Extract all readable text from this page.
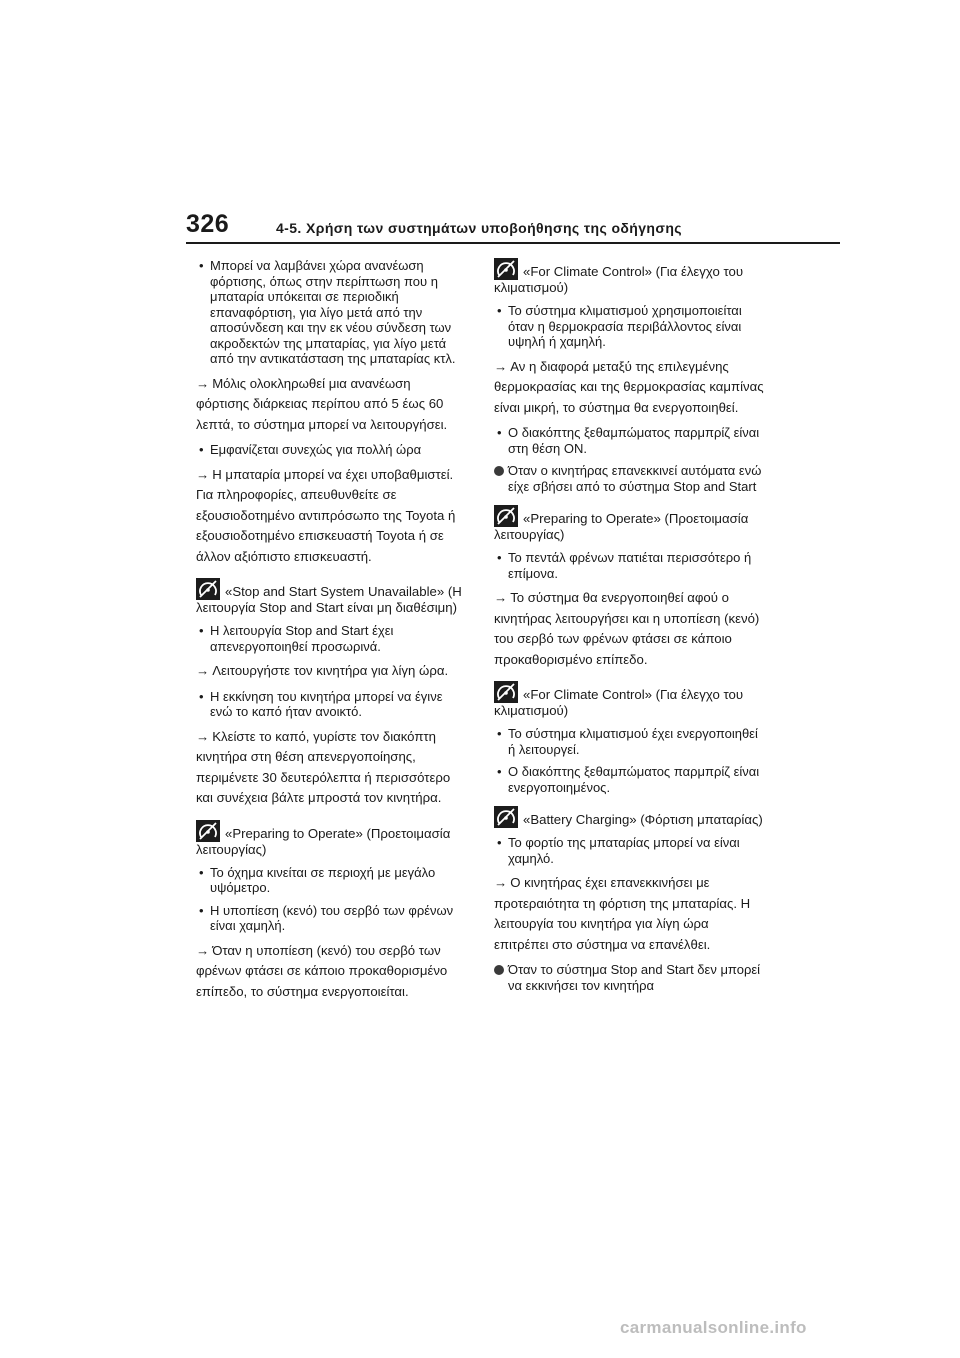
326	4-5. Χρήση των συστημάτων υποβοήθησης της οδήγησης
• Μπορεί να λαμβάνει χώρα ανανέωση φόρτισης, όπως στην περίπτωση που η μπαταρία υπόκειται σε περιοδική επαναφόρτιση, για λίγο μετά από την αποσύνδεση και την εκ νέου σύνδεση των ακροδεκτών της μπαταρίας, για λίγο μετά από την αντικατάσταση της μπαταρίας κτλ.
→ Μόλις ολοκληρωθεί μια ανανέωση φόρτισης διάρκειας περίπου από 5 έως 60 λεπτά, το σύστημα μπορεί να λειτουργήσει.
• Εμφανίζεται συνεχώς για πολλή ώρα
→ Η μπαταρία μπορεί να έχει υποβαθμιστεί. Για πληροφορίες, απευθυνθείτε σε εξουσιοδοτημένο αντιπρόσωπο της Toyota ή εξουσιοδοτημένο επισκευαστή Toyota ή σε άλλον αξιόπιστο επισκευαστή.
«Stop and Start System Unavailable» (Η λειτουργία Stop and Start είναι μη διαθέσιμη)
• Η λειτουργία Stop and Start έχει απενεργοποιηθεί προσωρινά.
→ Λειτουργήστε τον κινητήρα για λίγη ώρα.
• Η εκκίνηση του κινητήρα μπορεί να έγινε ενώ το καπό ήταν ανοικτό.
→ Κλείστε το καπό, γυρίστε τον διακόπτη κινητήρα στη θέση απενεργοποίησης, περιμένετε 30 δευτερόλεπτα ή περισσότερο και συνέχεια βάλτε μπροστά τον κινητήρα.
«Preparing to Operate» (Προετοιμασία λειτουργίας)
• Το όχημα κινείται σε περιοχή με μεγάλο υψόμετρο.
• Η υποπίεση (κενό) του σερβό των φρένων είναι χαμηλή.
→ Όταν η υποπίεση (κενό) του σερβό των φρένων φτάσει σε κάποιο προκαθορισμένο επίπεδο, το σύστημα ενεργοποιείται.
«For Climate Control» (Για έλεγχο του κλιματισμού)
• Το σύστημα κλιματισμού χρησιμοποιείται όταν η θερμοκρασία περιβάλλοντος είναι υψηλή ή χαμηλή.
→ Αν η διαφορά μεταξύ της επιλεγμένης θερμοκρασίας και της θερμοκρασίας καμπίνας είναι μικρή, το σύστημα θα ενεργοποιηθεί.
• Ο διακόπτης ξεθαμπώματος παρμπρίζ είναι στη θέση ON.
Όταν ο κινητήρας επανεκκινεί αυτόματα ενώ είχε σβήσει από το σύστημα Stop and Start
«Preparing to Operate» (Προετοιμασία λειτουργίας)
• Το πεντάλ φρένων πατιέται περισσότερο ή επίμονα.
→ Το σύστημα θα ενεργοποιηθεί αφού ο κινητήρας λειτουργήσει και η υποπίεση (κενό) του σερβό των φρένων φτάσει σε κάποιο προκαθορισμένο επίπεδο.
«For Climate Control» (Για έλεγχο του κλιματισμού)
• Το σύστημα κλιματισμού έχει ενεργοποιηθεί ή λειτουργεί.
• Ο διακόπτης ξεθαμπώματος παρμπρίζ είναι ενεργοποιημένος.
«Battery Charging» (Φόρτιση μπαταρίας)
• Το φορτίο της μπαταρίας μπορεί να είναι χαμηλό.
→ Ο κινητήρας έχει επανεκκινήσει με προτεραιότητα τη φόρτιση της μπαταρίας. Η λειτουργία του κινητήρα για λίγη ώρα επιτρέπει στο σύστημα να επανέλθει.
Όταν το σύστημα Stop and Start δεν μπορεί να εκκινήσει τον κινητήρα
carmanualsonline.info
